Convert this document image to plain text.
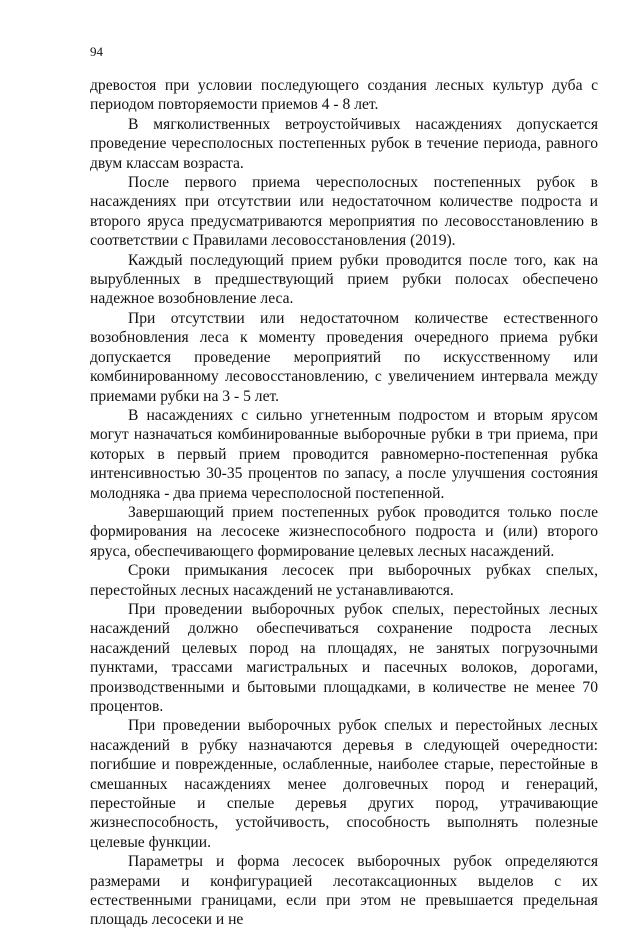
94

древостоя при условии последующего создания лесных культур дуба с периодом повторяемости приемов 4 - 8 лет.

В мягколиственных ветроустойчивых насаждениях допускается проведение чересполосных постепенных рубок в течение периода, равного двум классам возраста.

После первого приема чересполосных постепенных рубок в насаждениях при отсутствии или недостаточном количестве подроста и второго яруса предусматриваются мероприятия по лесовосстановлению в соответствии с Правилами лесовосстановления (2019).

Каждый последующий прием рубки проводится после того, как на вырубленных в предшествующий прием рубки полосах обеспечено надежное возобновление леса.

При отсутствии или недостаточном количестве естественного возобновления леса к моменту проведения очередного приема рубки допускается проведение мероприятий по искусственному или комбинированному лесовосстановлению, с увеличением интервала между приемами рубки на 3 - 5 лет.

В насаждениях с сильно угнетенным подростом и вторым ярусом могут назначаться комбинированные выборочные рубки в три приема, при которых в первый прием проводится равномерно-постепенная рубка интенсивностью 30-35 процентов по запасу, а после улучшения состояния молодняка - два приема чересполосной постепенной.

Завершающий прием постепенных рубок проводится только после формирования на лесосеке жизнеспособного подроста и (или) второго яруса, обеспечивающего формирование целевых лесных насаждений.

Сроки примыкания лесосек при выборочных рубках спелых, перестойных лесных насаждений не устанавливаются.

При проведении выборочных рубок спелых, перестойных лесных насаждений должно обеспечиваться сохранение подроста лесных насаждений целевых пород на площадях, не занятых погрузочными пунктами, трассами магистральных и пасечных волоков, дорогами, производственными и бытовыми площадками, в количестве не менее 70 процентов.

При проведении выборочных рубок спелых и перестойных лесных насаждений в рубку назначаются деревья в следующей очередности: погибшие и поврежденные, ослабленные, наиболее старые, перестойные в смешанных насаждениях менее долговечных пород и генераций, перестойные и спелые деревья других пород, утрачивающие жизнеспособность, устойчивость, способность выполнять полезные целевые функции.

Параметры и форма лесосек выборочных рубок определяются размерами и конфигурацией лесотаксационных выделов с их естественными границами, если при этом не превышается предельная площадь лесосеки и не
